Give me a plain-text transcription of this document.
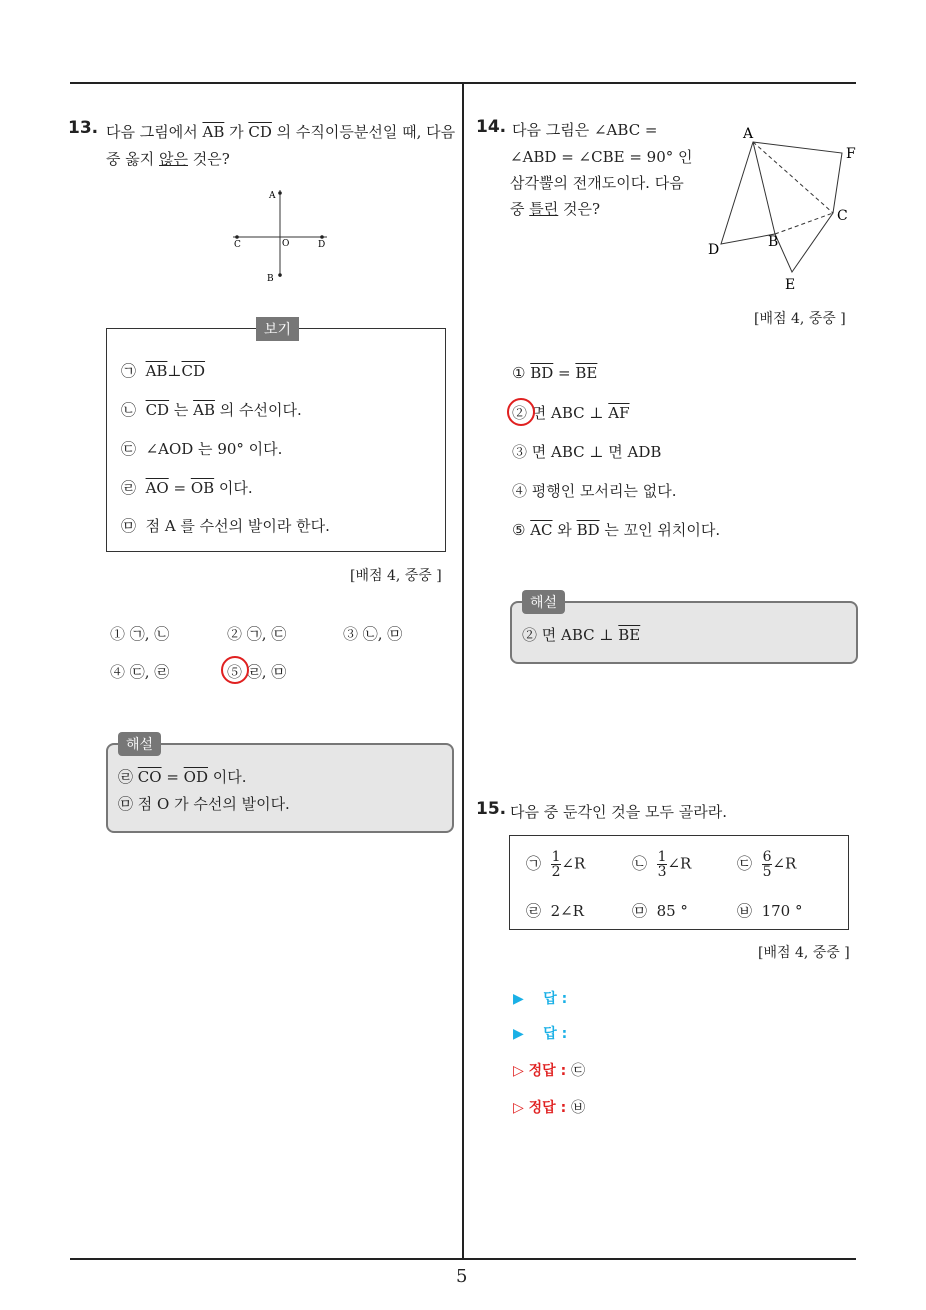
5
13. 다음 그림에서 $\overline{AB}$ 가 $\overline{CD}$ 의 수직이등분선일 때, 다음
중 옳지 않은 것은?
A
B
C	D
O
보기
㉠ $\overline{AB}\perp\overline{CD}$
㉡ $\overline{CD}$ 는 $\overline{AB}$ 의 수선이다.
㉢ ∠AOD 는 90° 이다.
㉣ $\overline{AO} = \overline{OB}$ 이다.
㉤ 점 A 를 수선의 발이라 한다.
[배점 4, 중중 ]
① ㉠, ㉡	② ㉠, ㉢	③ ㉡, ㉤
④ ㉢, ㉣	⑤ ㉣, ㉤
해설
㉣ $\overline{CO} = \overline{OD}$ 이다.
㉤ 점 O 가 수선의 발이다.
14. 다음 그림은 ∠ABC =
∠ABD = ∠CBE = 90° 인
삼각뿔의 전개도이다. 다음
중 틀린 것은?
A
F
C
B
D
E
[배점 4, 중중 ]
① $\overline{BD} = \overline{BE}$
② 면 ABC ⊥ $\overline{AF}$
③ 면 ABC ⊥ 면 ADB
④ 평행인 모서리는 없다.
⑤ $\overline{AC}$ 와 $\overline{BD}$ 는 꼬인 위치이다.
해설
② 면 ABC ⊥ $\overline{BE}$
15. 다음 중 둔각인 것을 모두 골라라.
㉠ $\frac{1}{2}$ ∠R	㉡ $\frac{1}{3}$ ∠R	㉢ $\frac{6}{5}$ ∠R
㉣ 2∠R	㉤ 85 °	㉥ 170 °
[배점 4, 중중 ]
▶ 답 :
▶ 답 :
▷ 정답 : ㉢
▷ 정답 : ㉥
